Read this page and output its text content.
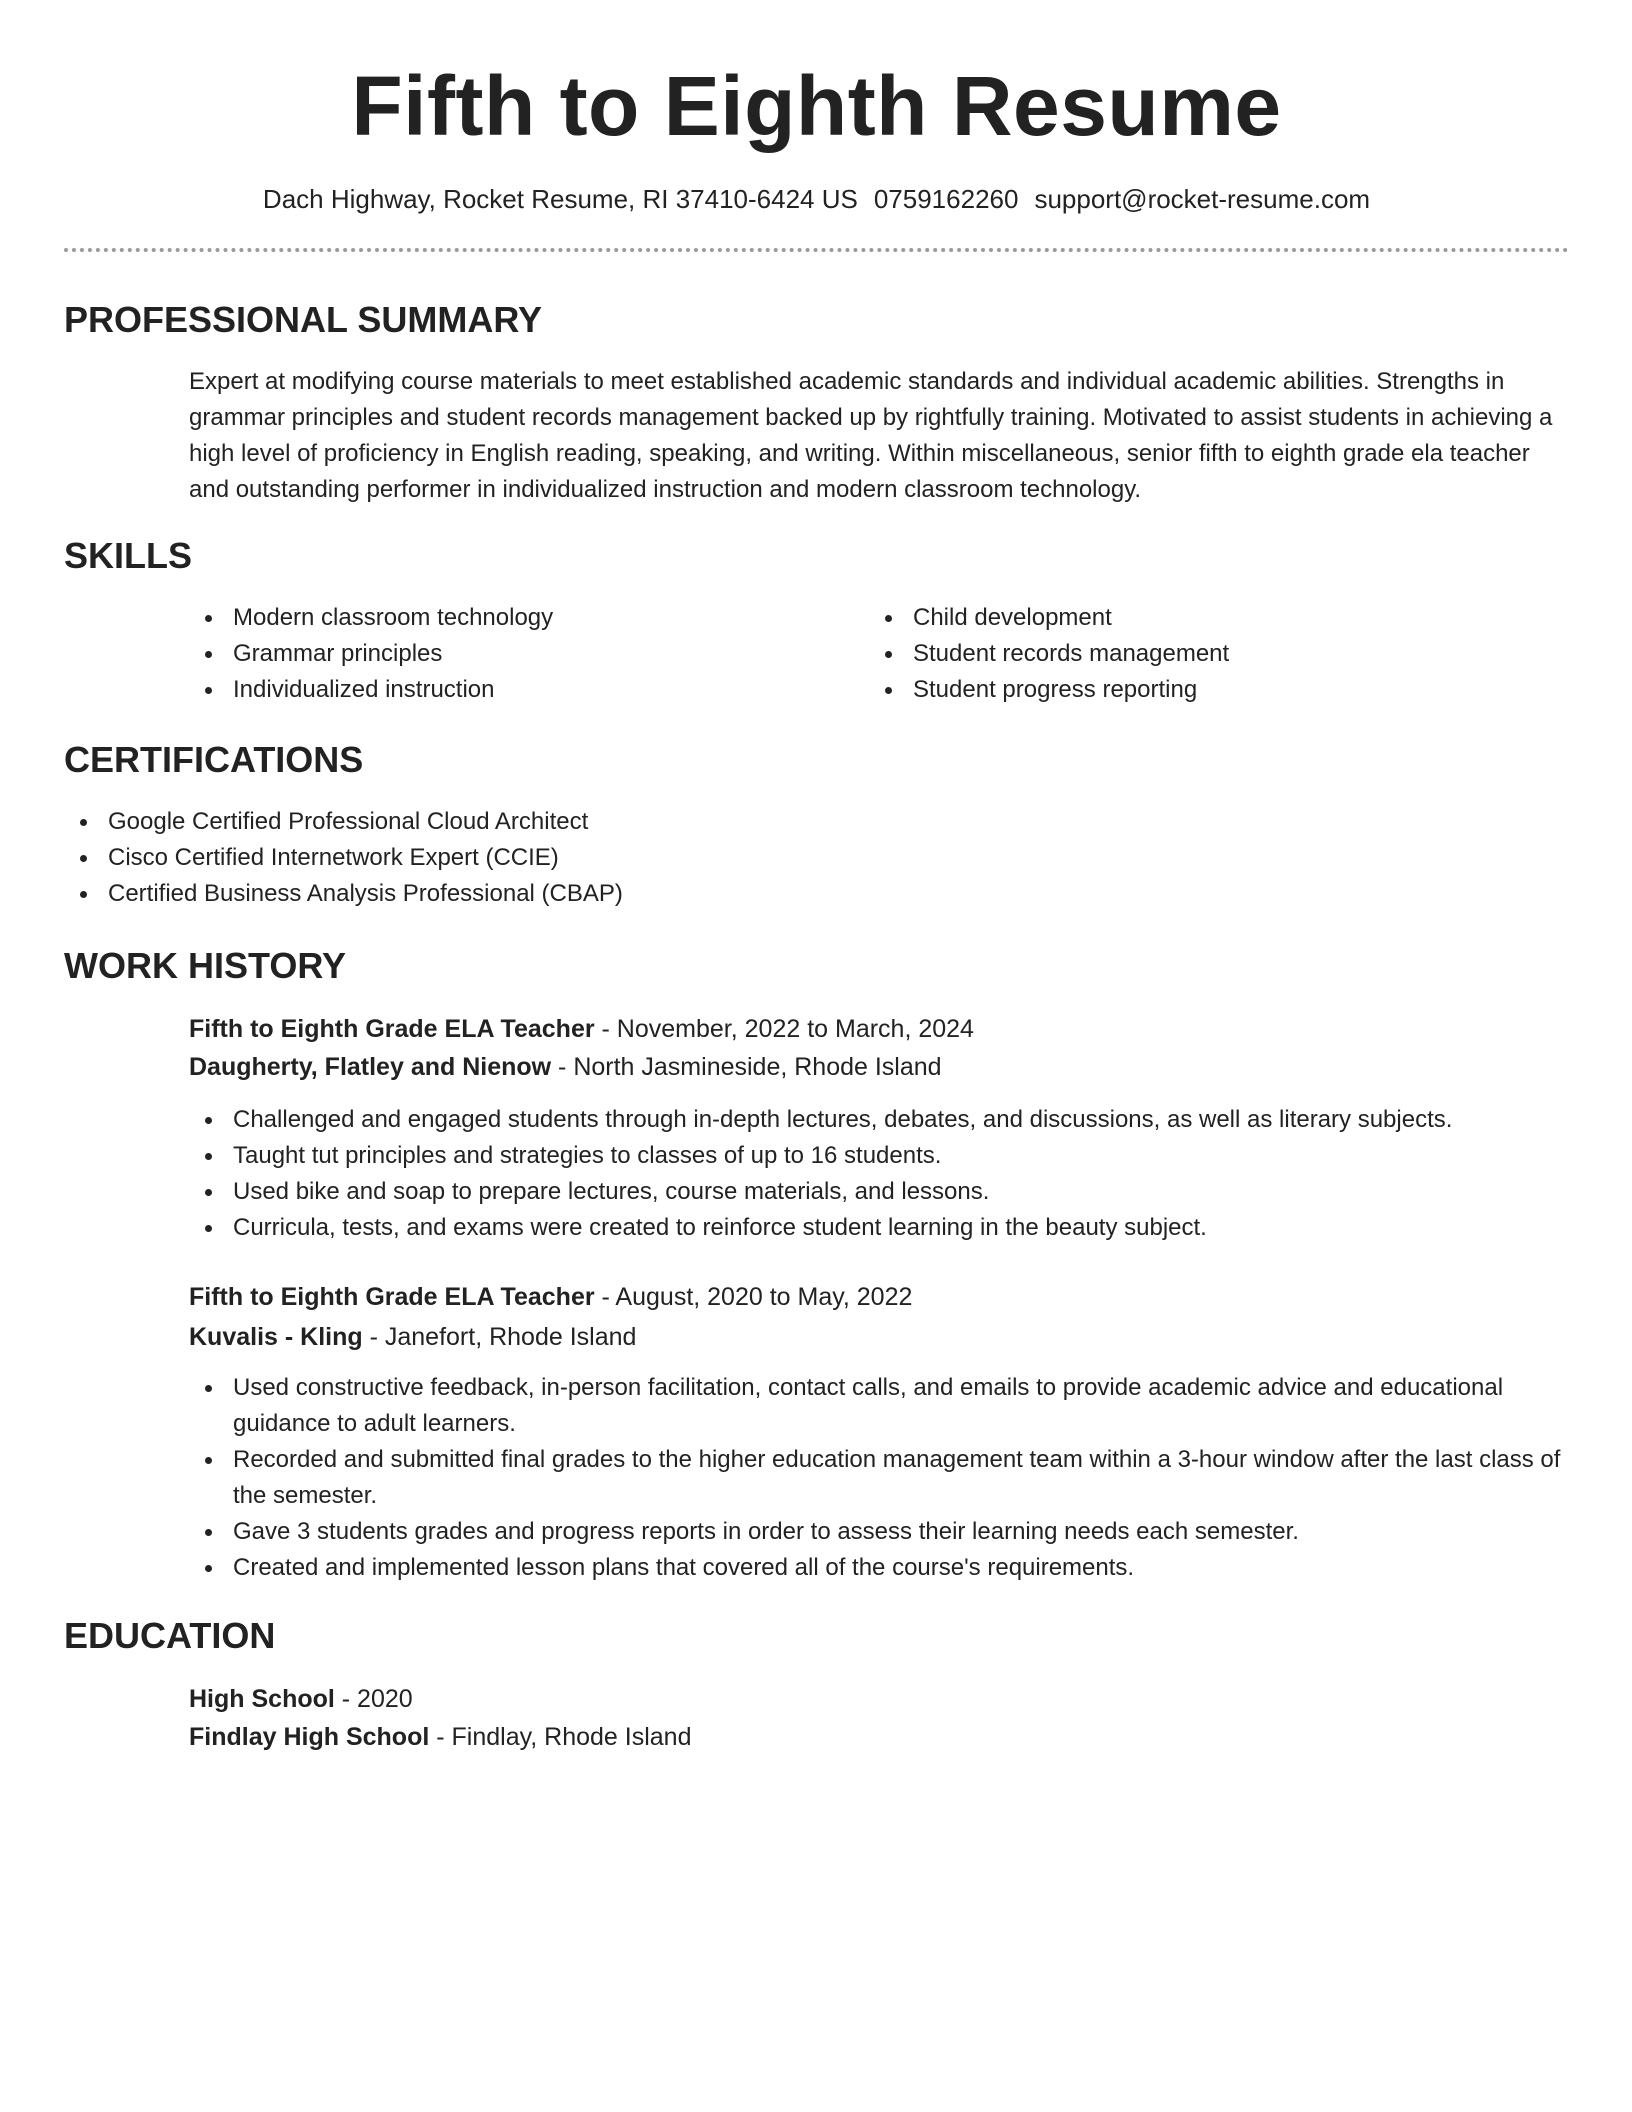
Fifth to Eighth Resume
Dach Highway, Rocket Resume, RI 37410-6424 US 0759162260 support@rocket-resume.com
PROFESSIONAL SUMMARY

Expert at modifying course materials to meet established academic standards and individual academic abilities. Strengths in grammar principles and student records management backed up by rightfully training. Motivated to assist students in achieving a high level of proficiency in English reading, speaking, and writing. Within miscellaneous, senior fifth to eighth grade ela teacher and outstanding performer in individualized instruction and modern classroom technology.

SKILLS
Modern classroom technology
Grammar principles
Individualized instruction
Child development
Student records management
Student progress reporting
CERTIFICATIONS
Google Certified Professional Cloud Architect
Cisco Certified Internetwork Expert (CCIE)
Certified Business Analysis Professional (CBAP)
WORK HISTORY
Fifth to Eighth Grade ELA Teacher - November, 2022 to March, 2024
Daugherty, Flatley and Nienow - North Jasmineside, Rhode Island
Challenged and engaged students through in-depth lectures, debates, and discussions, as well as literary subjects.
Taught tut principles and strategies to classes of up to 16 students.
Used bike and soap to prepare lectures, course materials, and lessons.
Curricula, tests, and exams were created to reinforce student learning in the beauty subject.
Fifth to Eighth Grade ELA Teacher - August, 2020 to May, 2022
Kuvalis - Kling - Janefort, Rhode Island
Used constructive feedback, in-person facilitation, contact calls, and emails to provide academic advice and educational guidance to adult learners.
Recorded and submitted final grades to the higher education management team within a 3-hour window after the last class of the semester.
Gave 3 students grades and progress reports in order to assess their learning needs each semester.
Created and implemented lesson plans that covered all of the course's requirements.
EDUCATION
High School - 2020
Findlay High School - Findlay, Rhode Island
